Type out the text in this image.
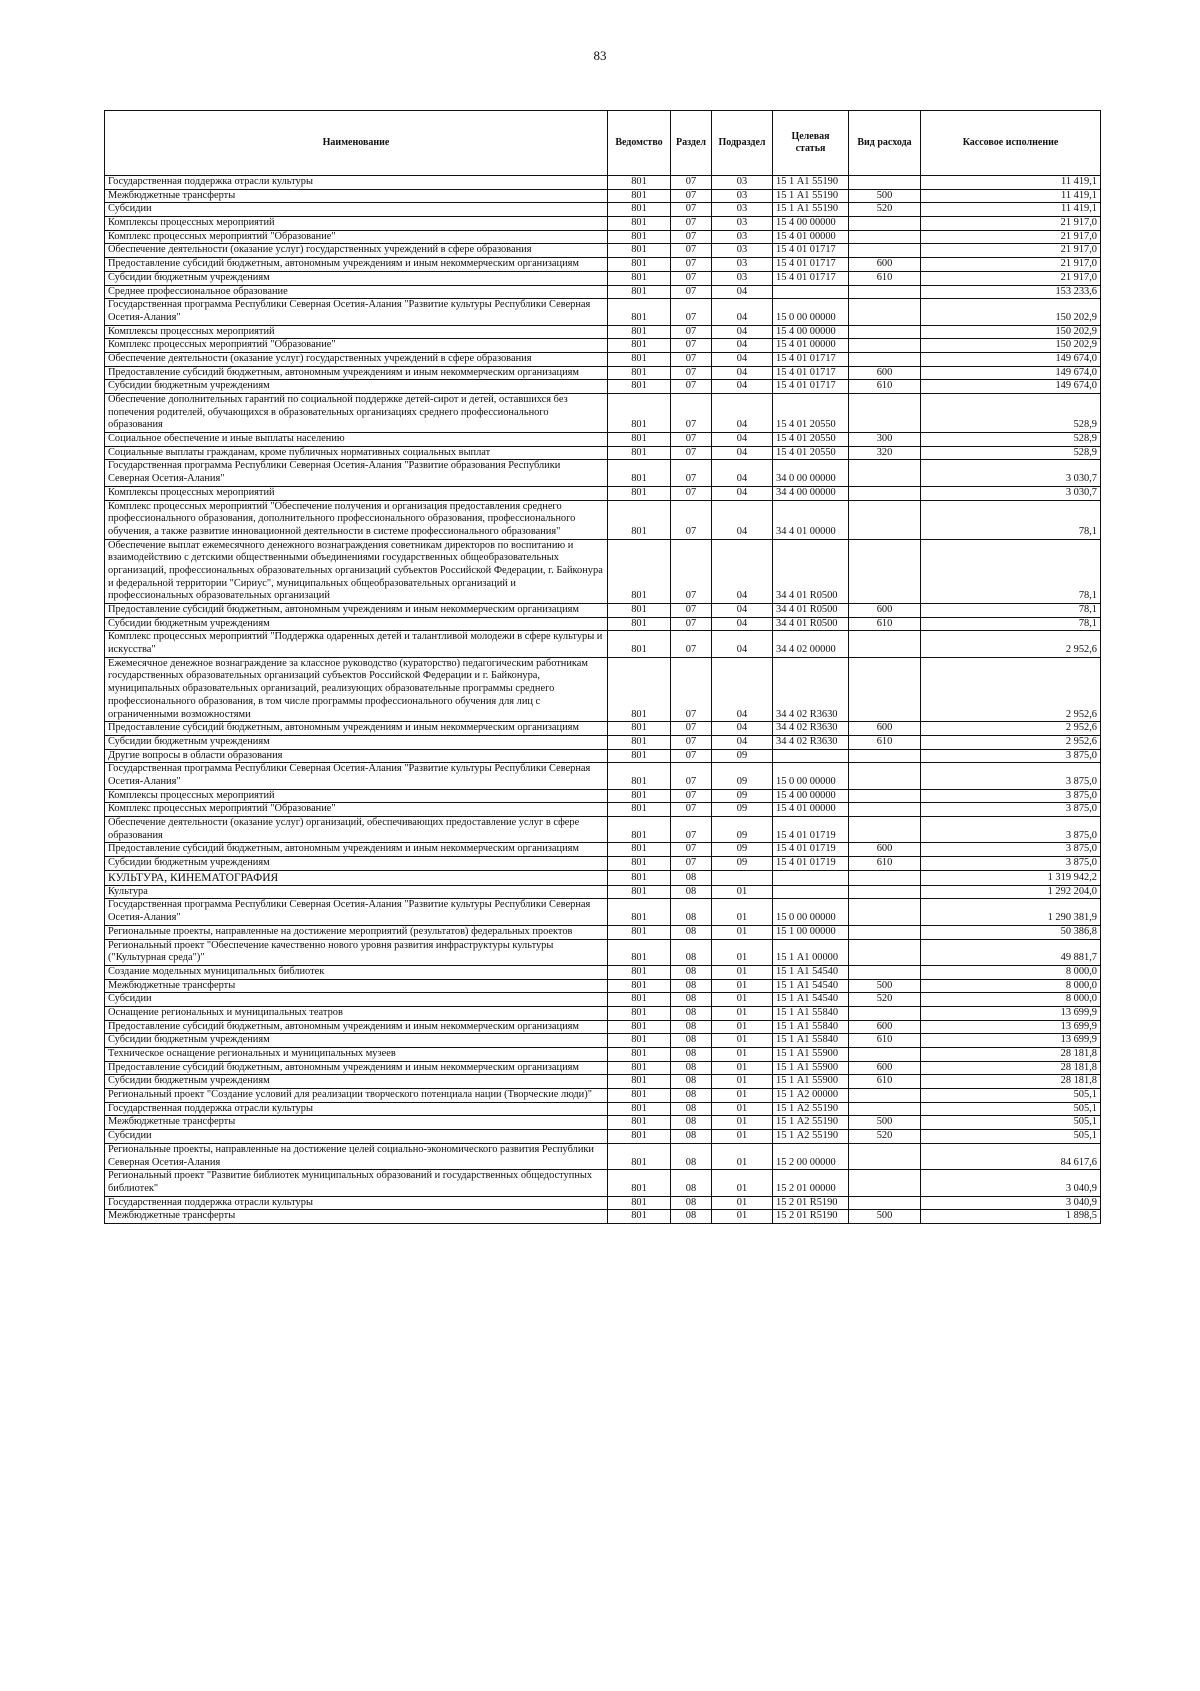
83
Наименование	Ведомство	Раздел	Подраздел	Целевая статья	Вид расхода	Кассовое исполнение
Государственная поддержка отрасли культуры	801	07	03	15 1 А1 55190		11 419,1
Межбюджетные трансферты	801	07	03	15 1 А1 55190	500	11 419,1
Субсидии	801	07	03	15 1 А1 55190	520	11 419,1
Комплексы процессных мероприятий	801	07	03	15 4 00 00000		21 917,0
Комплекс процессных мероприятий "Образование"	801	07	03	15 4 01 00000		21 917,0
Обеспечение деятельности (оказание услуг) государственных учреждений в сфере образования	801	07	03	15 4 01 01717		21 917,0
Предоставление субсидий бюджетным, автономным учреждениям и иным некоммерческим организациям	801	07	03	15 4 01 01717	600	21 917,0
Субсидии бюджетным учреждениям	801	07	03	15 4 01 01717	610	21 917,0
Среднее профессиональное образование	801	07	04			153 233,6
Государственная программа Республики Северная Осетия-Алания "Развитие культуры Республики Северная Осетия-Алания"	801	07	04	15 0 00 00000		150 202,9
Комплексы процессных мероприятий	801	07	04	15 4 00 00000		150 202,9
Комплекс процессных мероприятий "Образование"	801	07	04	15 4 01 00000		150 202,9
Обеспечение деятельности (оказание услуг) государственных учреждений в сфере образования	801	07	04	15 4 01 01717		149 674,0
Предоставление субсидий бюджетным, автономным учреждениям и иным некоммерческим организациям	801	07	04	15 4 01 01717	600	149 674,0
Субсидии бюджетным учреждениям	801	07	04	15 4 01 01717	610	149 674,0
Обеспечение дополнительных гарантий по социальной поддержке детей-сирот и детей, оставшихся без попечения родителей, обучающихся в образовательных организациях среднего профессионального образования	801	07	04	15 4 01 20550		528,9
Социальное обеспечение и иные выплаты населению	801	07	04	15 4 01 20550	300	528,9
Социальные выплаты гражданам, кроме публичных нормативных социальных выплат	801	07	04	15 4 01 20550	320	528,9
Государственная программа Республики Северная Осетия-Алания "Развитие образования Республики Северная Осетия-Алания"	801	07	04	34 0 00 00000		3 030,7
Комплексы процессных мероприятий	801	07	04	34 4 00 00000		3 030,7
Комплекс процессных мероприятий "Обеспечение получения и организация предоставления среднего профессионального образования, дополнительного профессионального образования, профессионального обучения, а также развитие инновационной деятельности в системе профессионального образования"	801	07	04	34 4 01 00000		78,1
Обеспечение выплат ежемесячного денежного вознаграждения советникам директоров по воспитанию и взаимодействию с детскими общественными объединениями государственных общеобразовательных организаций, профессиональных образовательных организаций субъектов Российской Федерации, г. Байконура и федеральной территории "Сириус", муниципальных общеобразовательных организаций и профессиональных образовательных организаций	801	07	04	34 4 01 R0500		78,1
Предоставление субсидий бюджетным, автономным учреждениям и иным некоммерческим организациям	801	07	04	34 4 01 R0500	600	78,1
Субсидии бюджетным учреждениям	801	07	04	34 4 01 R0500	610	78,1
Комплекс процессных мероприятий "Поддержка одаренных детей и талантливой молодежи в сфере культуры и искусства"	801	07	04	34 4 02 00000		2 952,6
Ежемесячное денежное вознаграждение за классное руководство (кураторство) педагогическим работникам государственных образовательных организаций субъектов Российской Федерации и г. Байконура, муниципальных образовательных организаций, реализующих образовательные программы среднего профессионального образования, в том числе программы профессионального обучения для лиц с ограниченными возможностями	801	07	04	34 4 02 R3630		2 952,6
Предоставление субсидий бюджетным, автономным учреждениям и иным некоммерческим организациям	801	07	04	34 4 02 R3630	600	2 952,6
Субсидии бюджетным учреждениям	801	07	04	34 4 02 R3630	610	2 952,6
Другие вопросы в области образования	801	07	09			3 875,0
Государственная программа Республики Северная Осетия-Алания "Развитие культуры Республики Северная Осетия-Алания"	801	07	09	15 0 00 00000		3 875,0
Комплексы процессных мероприятий	801	07	09	15 4 00 00000		3 875,0
Комплекс процессных мероприятий "Образование"	801	07	09	15 4 01 00000		3 875,0
Обеспечение деятельности (оказание услуг) организаций, обеспечивающих предоставление услуг в сфере образования	801	07	09	15 4 01 01719		3 875,0
Предоставление субсидий бюджетным, автономным учреждениям и иным некоммерческим организациям	801	07	09	15 4 01 01719	600	3 875,0
Субсидии бюджетным учреждениям	801	07	09	15 4 01 01719	610	3 875,0
КУЛЬТУРА, КИНЕМАТОГРАФИЯ	801	08				1 319 942,2
Культура	801	08	01			1 292 204,0
Государственная программа Республики Северная Осетия-Алания "Развитие культуры Республики Северная Осетия-Алания"	801	08	01	15 0 00 00000		1 290 381,9
Региональные проекты, направленные на достижение мероприятий (результатов) федеральных проектов	801	08	01	15 1 00 00000		50 386,8
Региональный проект "Обеспечение качественно нового уровня развития инфраструктуры культуры ("Культурная среда")"	801	08	01	15 1 А1 00000		49 881,7
Создание модельных муниципальных библиотек	801	08	01	15 1 А1 54540		8 000,0
Межбюджетные трансферты	801	08	01	15 1 А1 54540	500	8 000,0
Субсидии	801	08	01	15 1 А1 54540	520	8 000,0
Оснащение региональных и муниципальных театров	801	08	01	15 1 А1 55840		13 699,9
Предоставление субсидий бюджетным, автономным учреждениям и иным некоммерческим организациям	801	08	01	15 1 А1 55840	600	13 699,9
Субсидии бюджетным учреждениям	801	08	01	15 1 А1 55840	610	13 699,9
Техническое оснащение региональных и муниципальных музеев	801	08	01	15 1 А1 55900		28 181,8
Предоставление субсидий бюджетным, автономным учреждениям и иным некоммерческим организациям	801	08	01	15 1 А1 55900	600	28 181,8
Субсидии бюджетным учреждениям	801	08	01	15 1 А1 55900	610	28 181,8
Региональный проект "Создание условий для реализации творческого потенциала нации (Творческие люди)"	801	08	01	15 1 А2 00000		505,1
Государственная поддержка отрасли культуры	801	08	01	15 1 А2 55190		505,1
Межбюджетные трансферты	801	08	01	15 1 А2 55190	500	505,1
Субсидии	801	08	01	15 1 А2 55190	520	505,1
Региональные проекты, направленные на достижение целей социально-экономического развития Республики Северная Осетия-Алания	801	08	01	15 2 00 00000		84 617,6
Региональный проект "Развитие библиотек муниципальных образований и государственных общедоступных библиотек"	801	08	01	15 2 01 00000		3 040,9
Государственная поддержка отрасли культуры	801	08	01	15 2 01 R5190		3 040,9
Межбюджетные трансферты	801	08	01	15 2 01 R5190	500	1 898,5
